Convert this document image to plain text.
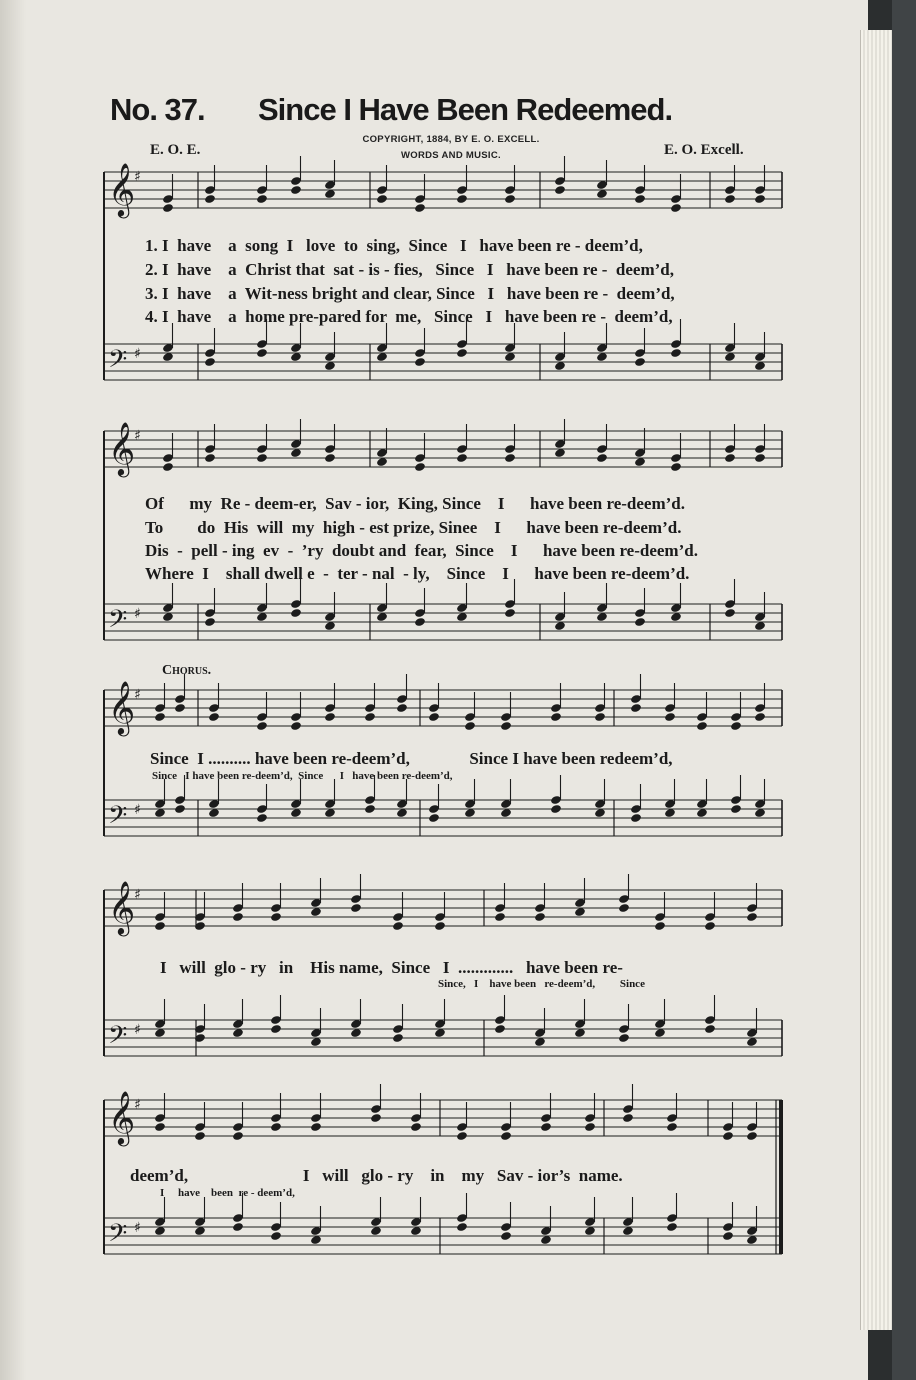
𝄞
♯
𝄢 ♯
𝄞
♯
𝄢 ♯
𝄞
♯
𝄢 ♯
𝄞
♯
𝄢 ♯
𝄞
♯
𝄢 ♯
No. 37. Since I Have Been Redeemed.
COPYRIGHT, 1884, BY E. O. EXCELL.
WORDS AND MUSIC.
E. O. E.	E. O. Excell.
1. I  have    a  song  I   love  to  sing,  Since   I   have been re - deem’d,
2. I  have    a  Christ that  sat - is - fies,   Since   I   have been re -  deem’d,
3. I  have    a  Wit-ness bright and clear, Since   I   have been re -  deem’d,
4. I  have    a  home pre-pared for  me,   Since   I   have been re -  deem’d,
Of      my  Re - deem-er,  Sav - ior,  King, Since    I      have been re-deem’d.
To        do  His  will  my  high - est prize, Sinee    I      have been re-deem’d.
Dis  -  pell - ing  ev  -  ’ry  doubt and  fear,  Since    I      have been re-deem’d.
Where  I    shall dwell e  -  ter - nal  - ly,    Since    I      have been re-deem’d.
Chorus.
Since  I .......... have been re-deem’d,              Since I have been redeem’d,
Since   I have been re-deem’d,  Since      I   have been re-deem’d,
I   will  glo - ry   in    His name,  Since   I  .............   have been re-
Since,   I    have been   re-deem’d,         Since
deem’d,                           I   will   glo - ry    in    my   Sav - ior’s  name.
I     have    been  re - deem’d,
